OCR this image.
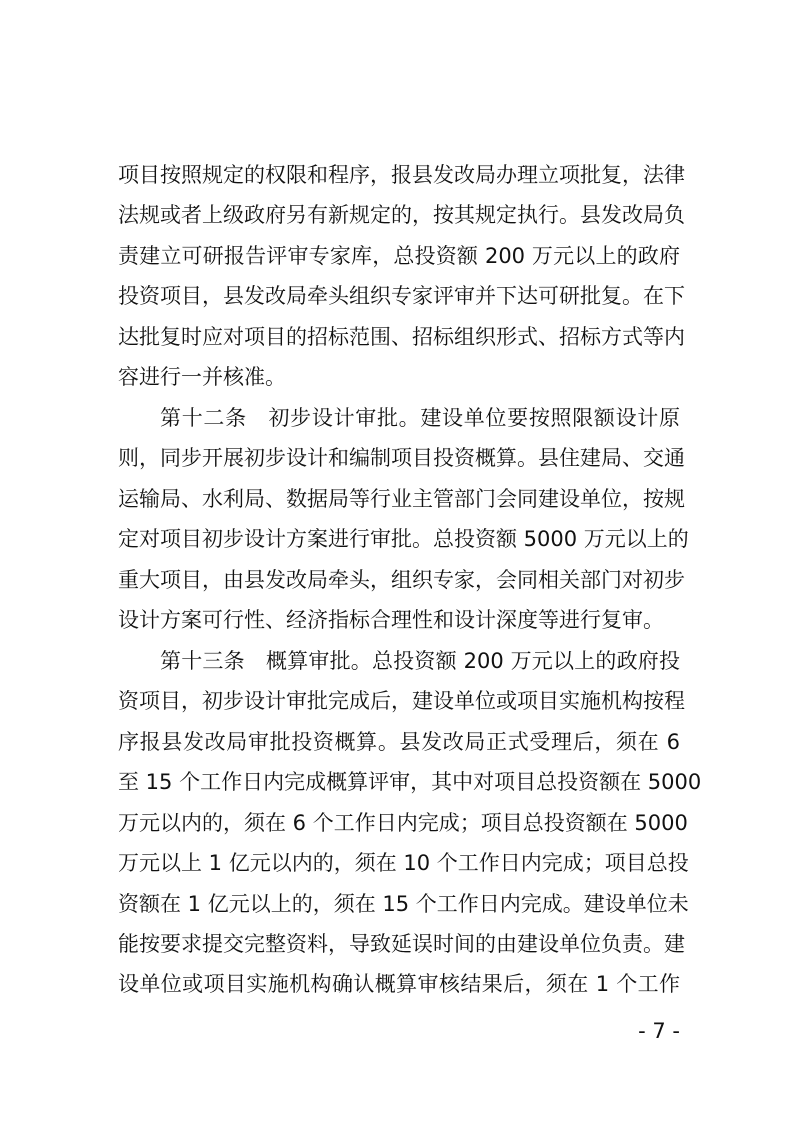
项目按照规定的权限和程序，报县发改局办理立项批复，法律
法规或者上级政府另有新规定的，按其规定执行。县发改局负
责建立可研报告评审专家库，总投资额 200 万元以上的政府
投资项目，县发改局牵头组织专家评审并下达可研批复。在下
达批复时应对项目的招标范围、招标组织形式、招标方式等内
容进行一并核准。
第十二条　初步设计审批。建设单位要按照限额设计原
则，同步开展初步设计和编制项目投资概算。县住建局、交通
运输局、水利局、数据局等行业主管部门会同建设单位，按规
定对项目初步设计方案进行审批。总投资额 5000 万元以上的
重大项目，由县发改局牵头，组织专家，会同相关部门对初步
设计方案可行性、经济指标合理性和设计深度等进行复审。
第十三条　概算审批。总投资额 200 万元以上的政府投
资项目，初步设计审批完成后，建设单位或项目实施机构按程
序报县发改局审批投资概算。县发改局正式受理后，须在 6
至 15 个工作日内完成概算评审，其中对项目总投资额在 5000
万元以内的，须在 6 个工作日内完成；项目总投资额在 5000
万元以上 1 亿元以内的，须在 10 个工作日内完成；项目总投
资额在 1 亿元以上的，须在 15 个工作日内完成。建设单位未
能按要求提交完整资料，导致延误时间的由建设单位负责。建
设单位或项目实施机构确认概算审核结果后，须在 1 个工作
- 7 -
